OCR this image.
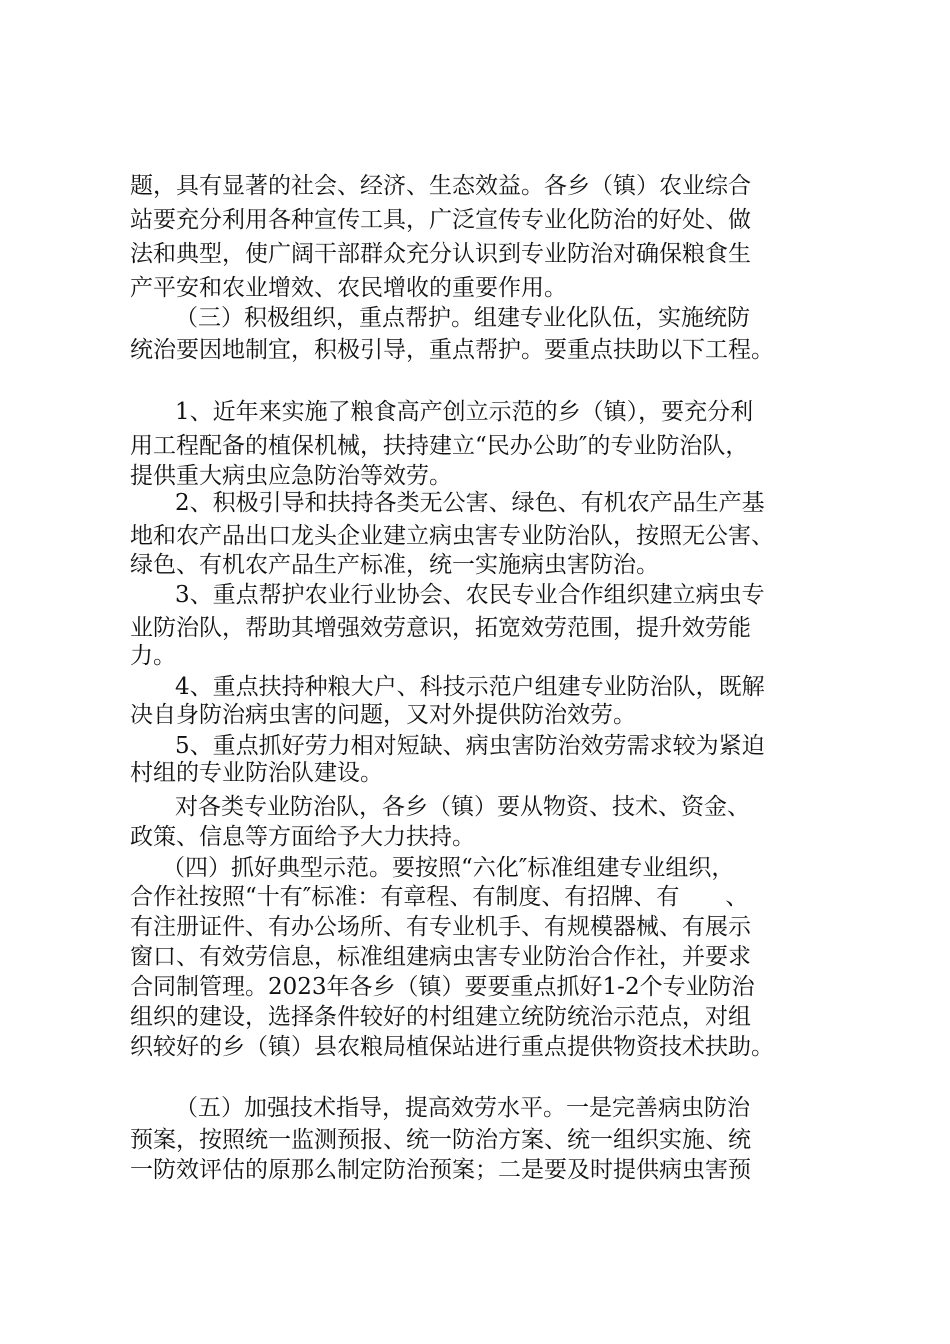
题，具有显著的社会、经济、生态效益。各乡（镇）农业综合

站要充分利用各种宣传工具，广泛宣传专业化防治的好处、做

法和典型，使广阔干部群众充分认识到专业防治对确保粮食生

产平安和农业增效、农民增收的重要作用。

（三）积极组织，重点帮护。组建专业化队伍，实施统防

统治要因地制宜，积极引导，重点帮护。要重点扶助以下工程。

1、近年来实施了粮食高产创立示范的乡（镇），要充分利

用工程配备的植保机械，扶持建立“民办公助″的专业防治队，

提供重大病虫应急防治等效劳。

2、积极引导和扶持各类无公害、绿色、有机农产品生产基

地和农产品出口龙头企业建立病虫害专业防治队，按照无公害、

绿色、有机农产品生产标准，统一实施病虫害防治。

3、重点帮护农业行业协会、农民专业合作组织建立病虫专

业防治队，帮助其增强效劳意识，拓宽效劳范围，提升效劳能

力。

4、重点扶持种粮大户、科技示范户组建专业防治队，既解

决自身防治病虫害的问题，又对外提供防治效劳。

5、重点抓好劳力相对短缺、病虫害防治效劳需求较为紧迫

村组的专业防治队建设。

对各类专业防治队，各乡（镇）要从物资、技术、资金、

政策、信息等方面给予大力扶持。

（四）抓好典型示范。要按照“六化″标准组建专业组织，

合作社按照“十有″标准：有章程、有制度、有招牌、有　　、

有注册证件、有办公场所、有专业机手、有规模器械、有展示

窗口、有效劳信息，标准组建病虫害专业防治合作社，并要求

合同制管理。2023年各乡（镇）要要重点抓好1-2个专业防治

组织的建设，选择条件较好的村组建立统防统治示范点，对组

织较好的乡（镇）县农粮局植保站进行重点提供物资技术扶助。

（五）加强技术指导，提高效劳水平。一是完善病虫防治

预案，按照统一监测预报、统一防治方案、统一组织实施、统

一防效评估的原那么制定防治预案；二是要及时提供病虫害预
